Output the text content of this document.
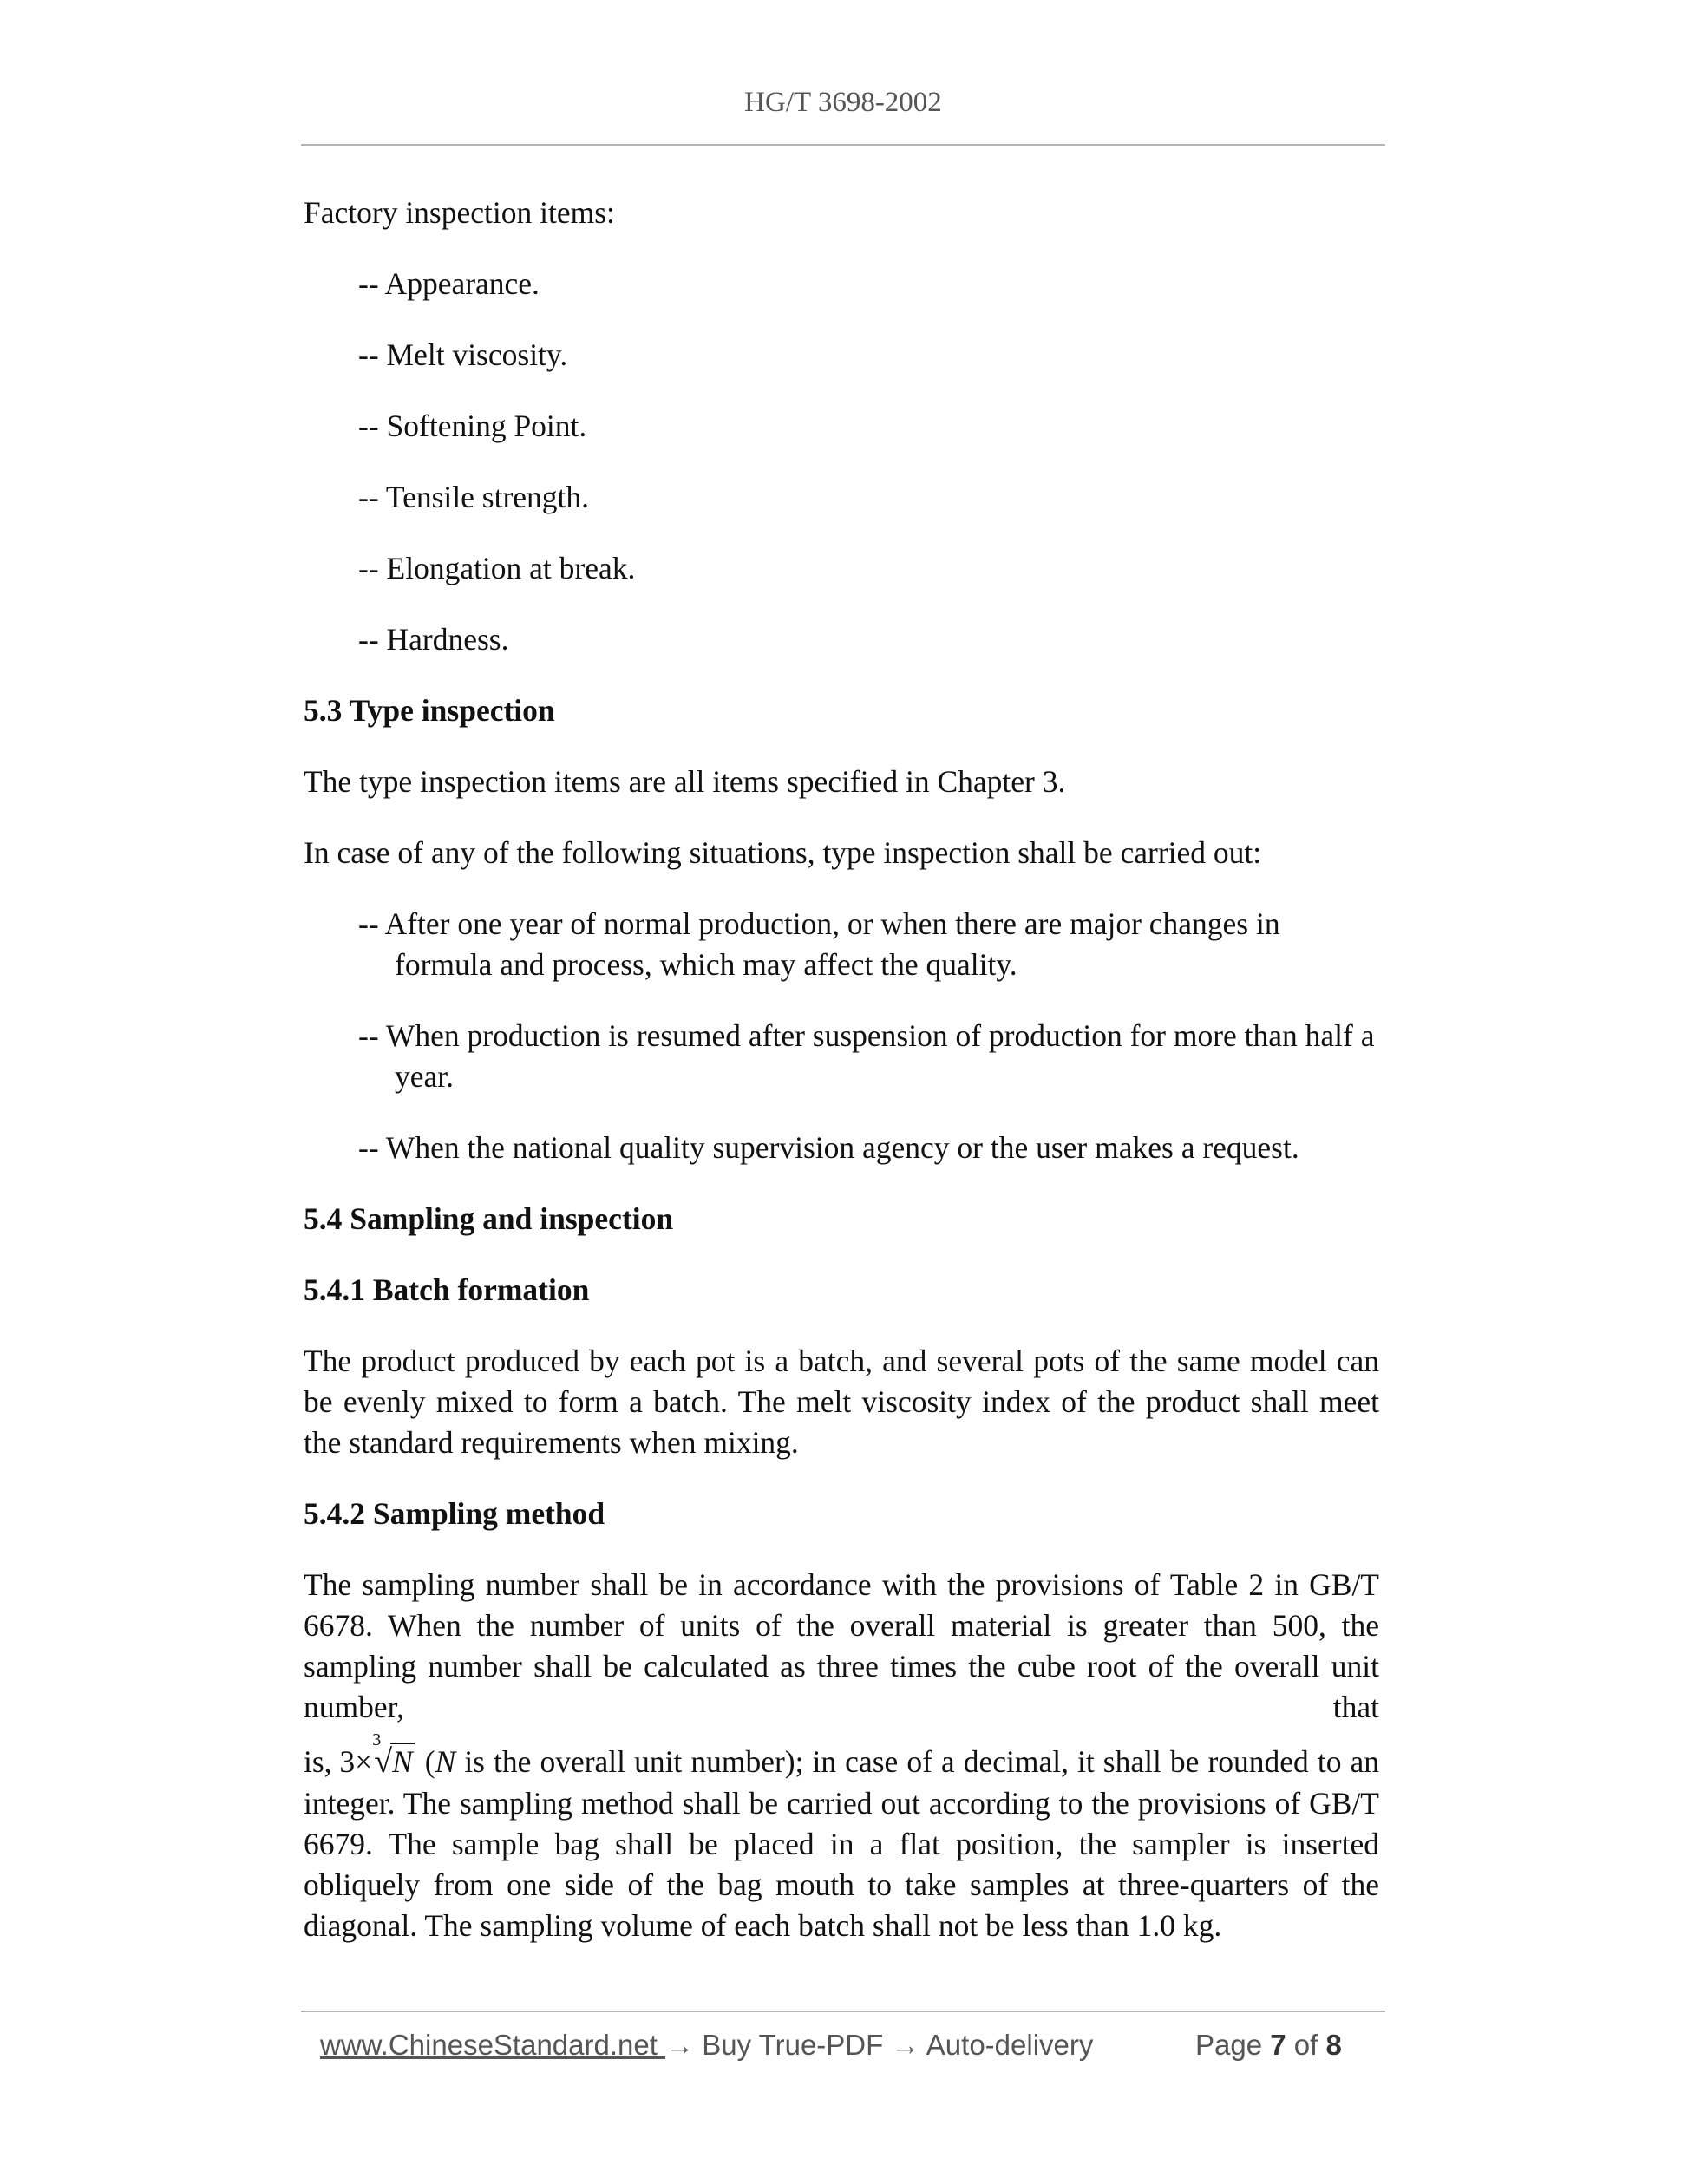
HG/T 3698-2002

Factory inspection items:

-- Appearance.

-- Melt viscosity.

-- Softening Point.

-- Tensile strength.

-- Elongation at break.

-- Hardness.

5.3 Type inspection

The type inspection items are all items specified in Chapter 3.

In case of any of the following situations, type inspection shall be carried out:

-- After one year of normal production, or when there are major changes in formula and process, which may affect the quality.

-- When production is resumed after suspension of production for more than half a year.

-- When the national quality supervision agency or the user makes a request.

5.4 Sampling and inspection

5.4.1 Batch formation

The product produced by each pot is a batch, and several pots of the same model can be evenly mixed to form a batch. The melt viscosity index of the product shall meet the standard requirements when mixing.

5.4.2 Sampling method

The sampling number shall be in accordance with the provisions of Table 2 in GB/T 6678. When the number of units of the overall material is greater than 500, the sampling number shall be calculated as three times the cube root of the overall unit number, that
is, 3×$^3$√N (N is the overall unit number); in case of a decimal, it shall be rounded to an
integer. The sampling method shall be carried out according to the provisions of GB/T 6679. The sample bag shall be placed in a flat position, the sampler is inserted obliquely from one side of the bag mouth to take samples at three-quarters of the diagonal. The sampling volume of each batch shall not be less than 1.0 kg.
www.ChineseStandard.net → Buy True-PDF → Auto-delivery	Page 7 of 8
